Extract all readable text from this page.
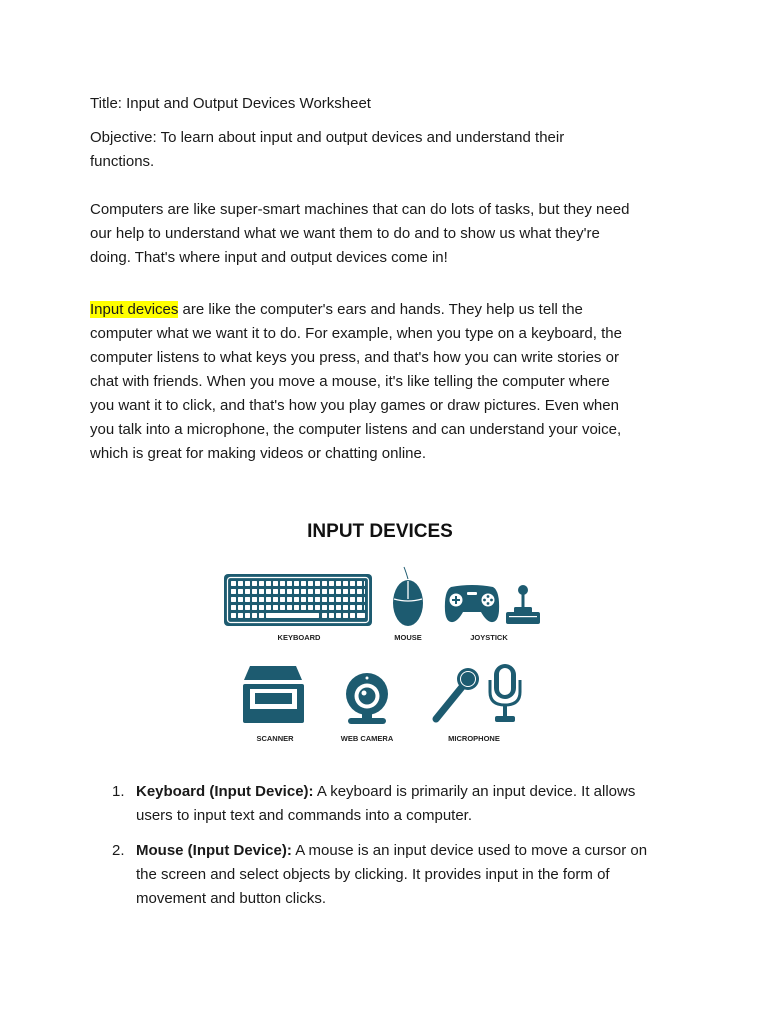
Title: Input and Output Devices Worksheet
Objective: To learn about input and output devices and understand their
functions.
Computers are like super-smart machines that can do lots of tasks, but they need
our help to understand what we want them to do and to show us what they're
doing. That's where input and output devices come in!
Input devices are like the computer's ears and hands. They help us tell the
computer what we want it to do. For example, when you type on a keyboard, the
computer listens to what keys you press, and that's how you can write stories or
chat with friends. When you move a mouse, it's like telling the computer where
you want it to click, and that's how you play games or draw pictures. Even when
you talk into a microphone, the computer listens and can understand your voice,
which is great for making videos or chatting online.
INPUT DEVICES
KEYBOARD	MOUSE	JOYSTICK
SCANNER	WEB CAMERA	MICROPHONE
1. Keyboard (Input Device): A keyboard is primarily an input device. It allows
users to input text and commands into a computer.
2. Mouse (Input Device): A mouse is an input device used to move a cursor on
the screen and select objects by clicking. It provides input in the form of
movement and button clicks.
